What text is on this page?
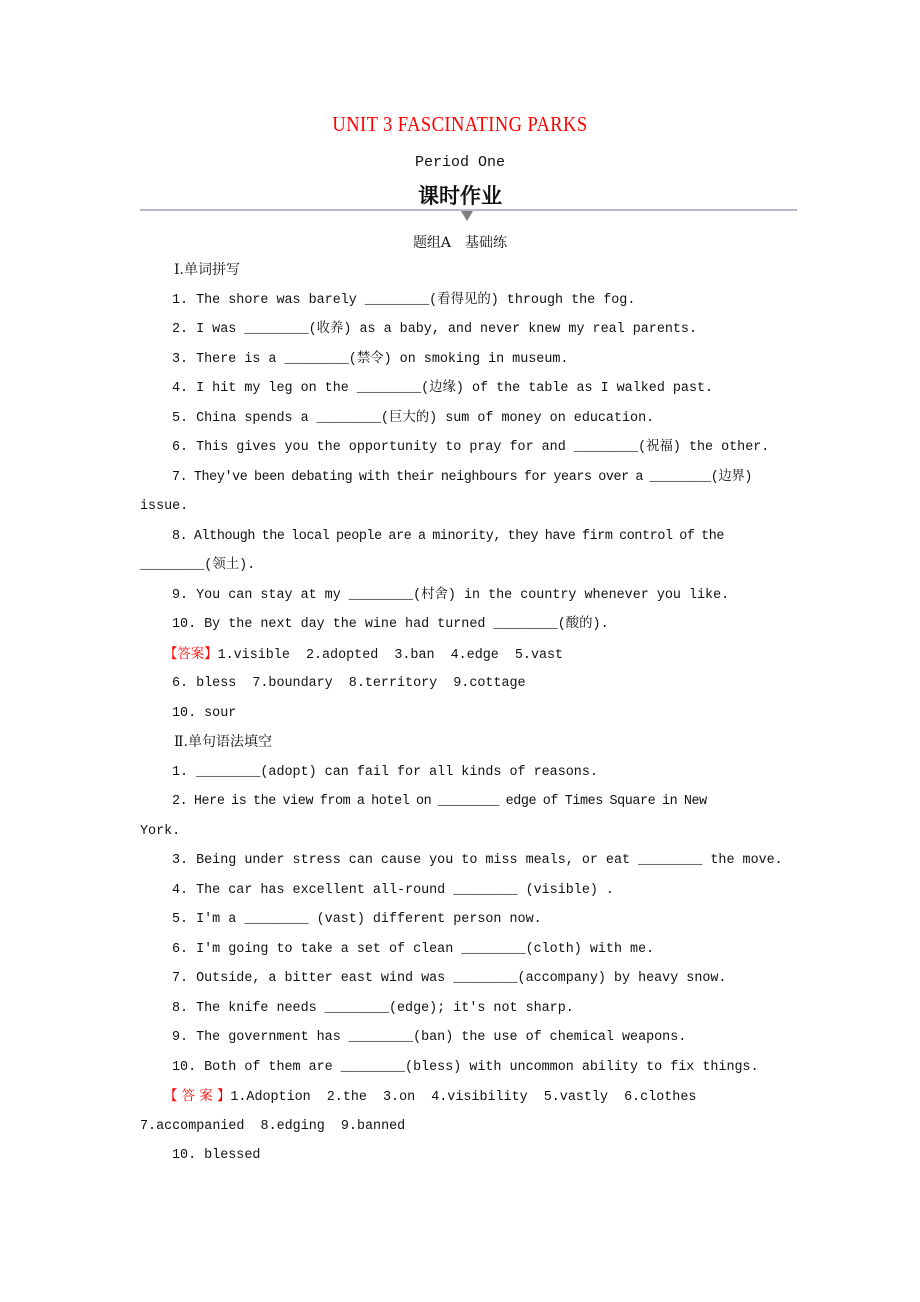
UNIT 3 FASCINATING PARKS
Period One
课时作业
题组A　基础练
Ⅰ.单词拼写
1. The shore was barely ________(看得见的) through the fog.
2. I was ________(收养) as a baby, and never knew my real parents.
3. There is a ________(禁令) on smoking in museum.
4. I hit my leg on the ________(边缘) of the table as I walked past.
5. China spends a ________(巨大的) sum of money on education.
6. This gives you the opportunity to pray for and ________(祝福) the other.
7. They've been debating with their neighbours for years over a ________(边界)
issue.
8. Although the local people are a minority, they have firm control of the
________(领土).
9. You can stay at my ________(村舍) in the country whenever you like.
10. By the next day the wine had turned ________(酸的).
【答案】1.visible  2.adopted  3.ban  4.edge  5.vast
6. bless  7.boundary  8.territory  9.cottage
10. sour
Ⅱ.单句语法填空
1. ________(adopt) can fail for all kinds of reasons.
2. Here is the view from a hotel on ________ edge of Times Square in New
York.
3. Being under stress can cause you to miss meals, or eat ________ the move.
4. The car has excellent all-round ________ (visible) .
5. I'm a ________ (vast) different person now.
6. I'm going to take a set of clean ________(cloth) with me.
7. Outside, a bitter east wind was ________(accompany) by heavy snow.
8. The knife needs ________(edge); it's not sharp.
9. The government has ________(ban) the use of chemical weapons.
10. Both of them are ________(bless) with uncommon ability to fix things.
【 答 案 】1.Adoption  2.the  3.on  4.visibility  5.vastly  6.clothes
7.accompanied  8.edging  9.banned
10. blessed
